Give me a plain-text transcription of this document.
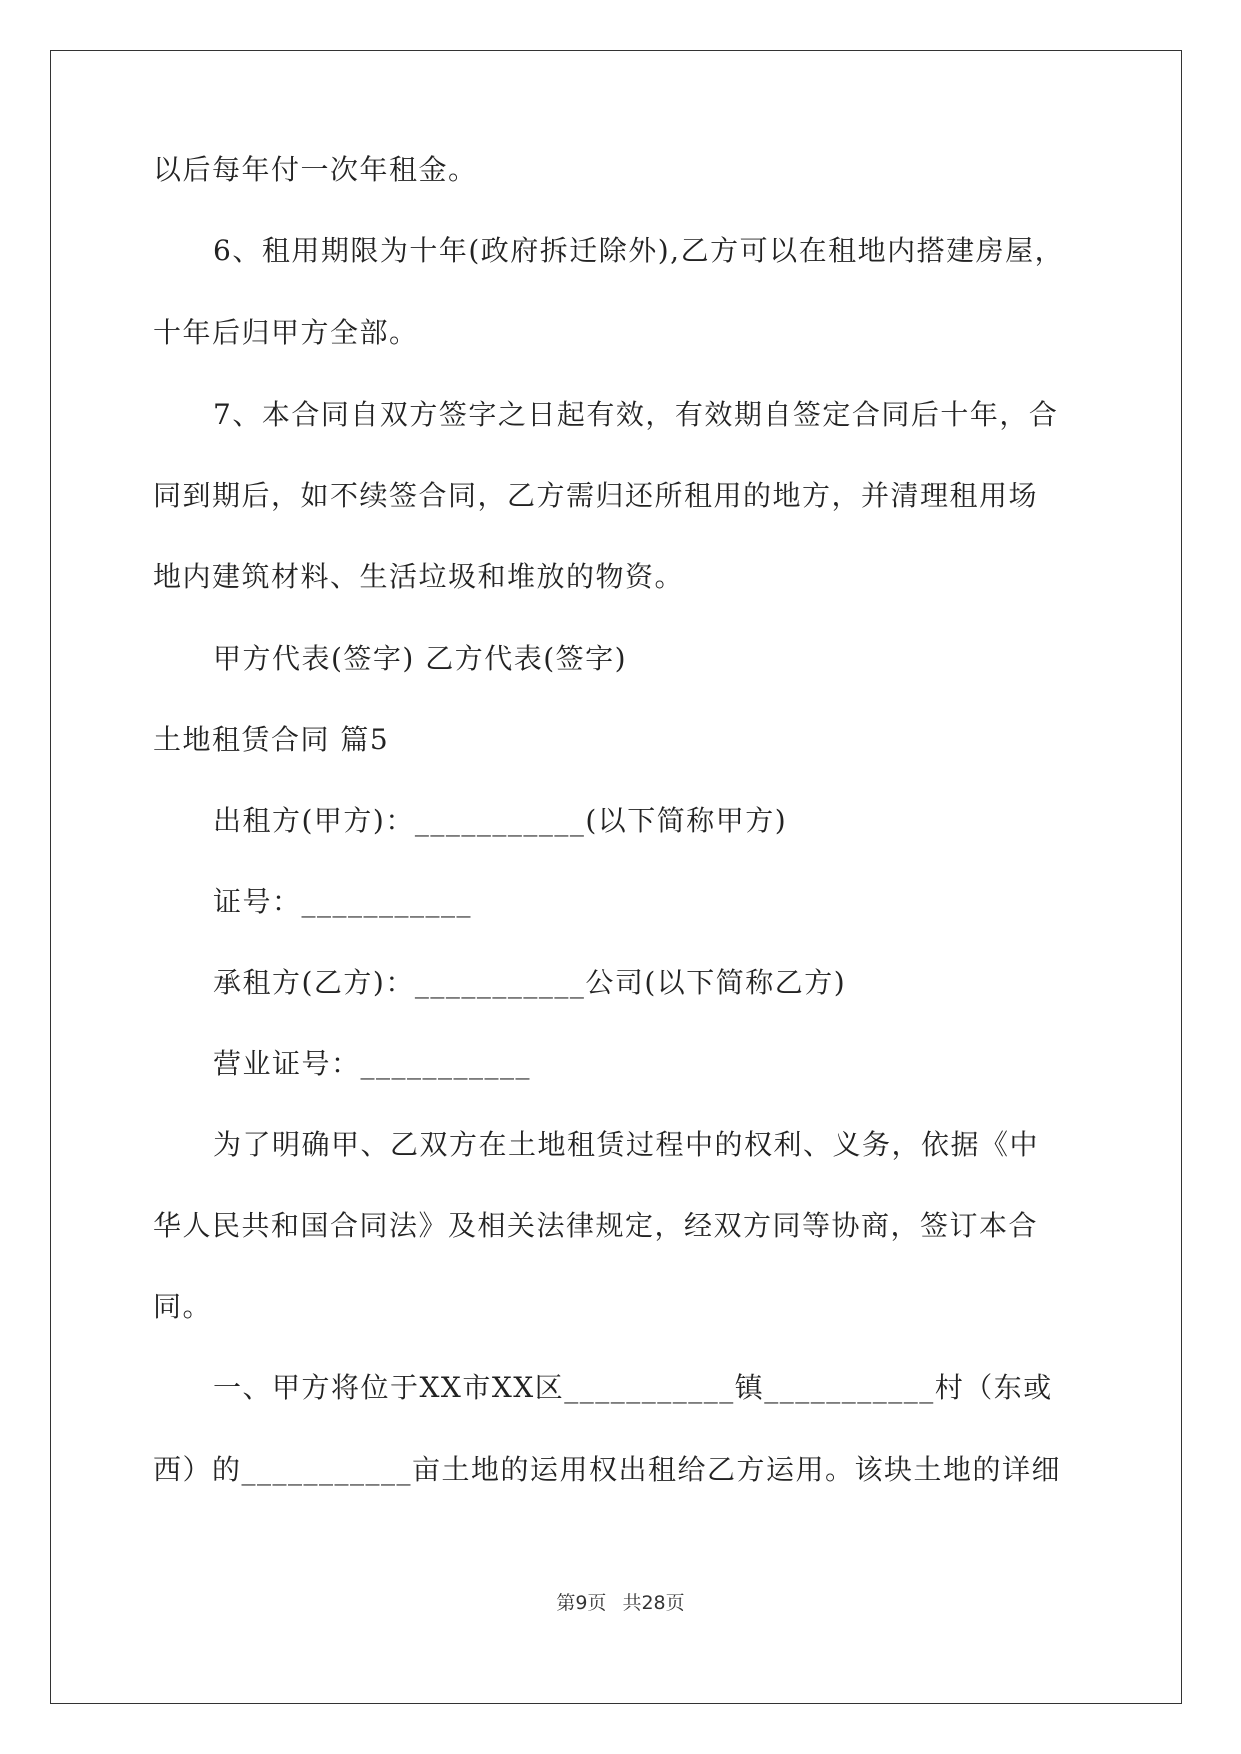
以后每年付一次年租金。
6、租用期限为十年(政府拆迁除外),乙方可以在租地内搭建房屋，
十年后归甲方全部。
7、本合同自双方签字之日起有效，有效期自签定合同后十年，合
同到期后，如不续签合同，乙方需归还所租用的地方，并清理租用场
地内建筑材料、生活垃圾和堆放的物资。
甲方代表(签字) 乙方代表(签字)
土地租赁合同 篇5
出租方(甲方)：___________(以下简称甲方)
证号：___________
承租方(乙方)：___________公司(以下简称乙方)
营业证号：___________
为了明确甲、乙双方在土地租赁过程中的权利、义务，依据《中
华人民共和国合同法》及相关法律规定，经双方同等协商，签订本合
同。
一、甲方将位于XX市XX区___________镇___________村（东或
西）的___________亩土地的运用权出租给乙方运用。该块土地的详细
第9页 共28页
